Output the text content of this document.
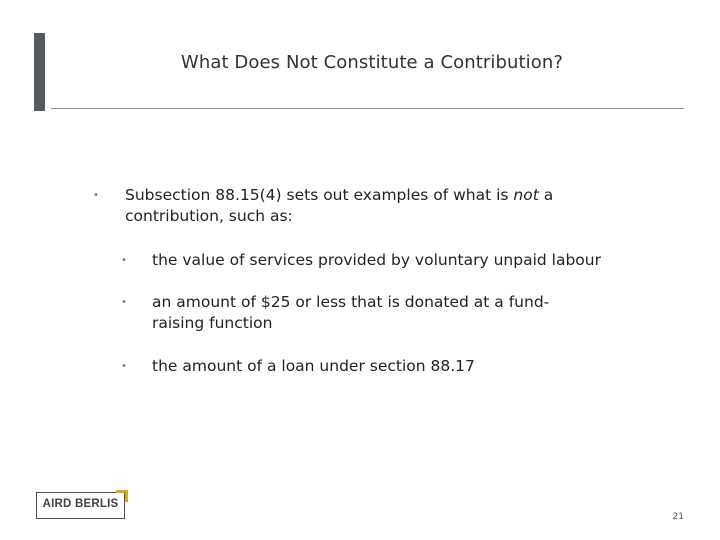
What Does Not Constitute a Contribution?
• Subsection 88.15(4) sets out examples of what is not a contribution, such as:
• the value of services provided by voluntary unpaid labour
• an amount of $25 or less that is donated at a fund-raising function
• the amount of a loan under section 88.17
AIRD BERLIS
21
